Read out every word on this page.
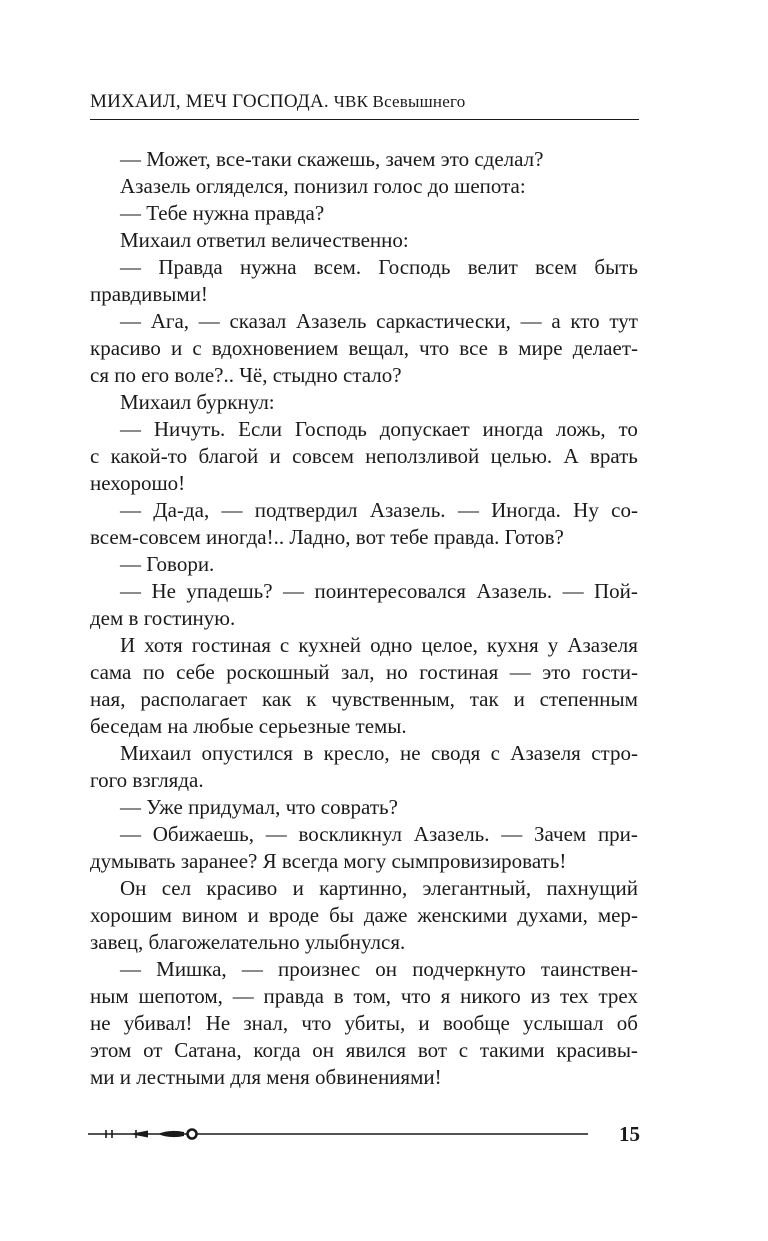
МИХАИЛ, МЕЧ ГОСПОДА. ЧВК Всевышнего
— Может, все-таки скажешь, зачем это сделал?
Азазель огляделся, понизил голос до шепота:
— Тебе нужна правда?
Михаил ответил величественно:
— Правда нужна всем. Господь велит всем быть
правдивыми!
— Ага, — сказал Азазель саркастически, — а кто тут
красиво и с вдохновением вещал, что все в мире делает-
ся по его воле?.. Чё, стыдно стало?
Михаил буркнул:
— Ничуть. Если Господь допускает иногда ложь, то
с какой-то благой и совсем неползливой целью. А врать
нехорошо!
— Да-да, — подтвердил Азазель. — Иногда. Ну со-
всем-совсем иногда!.. Ладно, вот тебе правда. Готов?
— Говори.
— Не упадешь? — поинтересовался Азазель. — Пой-
дем в гостиную.
И хотя гостиная с кухней одно целое, кухня у Азазеля
сама по себе роскошный зал, но гостиная — это гости-
ная, располагает как к чувственным, так и степенным
беседам на любые серьезные темы.
Михаил опустился в кресло, не сводя с Азазеля стро-
гого взгляда.
— Уже придумал, что соврать?
— Обижаешь, — воскликнул Азазель. — Зачем при-
думывать заранее? Я всегда могу сымпровизировать!
Он сел красиво и картинно, элегантный, пахнущий
хорошим вином и вроде бы даже женскими духами, мер-
завец, благожелательно улыбнулся.
— Мишка, — произнес он подчеркнуто таинствен-
ным шепотом, — правда в том, что я никого из тех трех
не убивал! Не знал, что убиты, и вообще услышал об
этом от Сатана, когда он явился вот с такими красивы-
ми и лестными для меня обвинениями!
15
